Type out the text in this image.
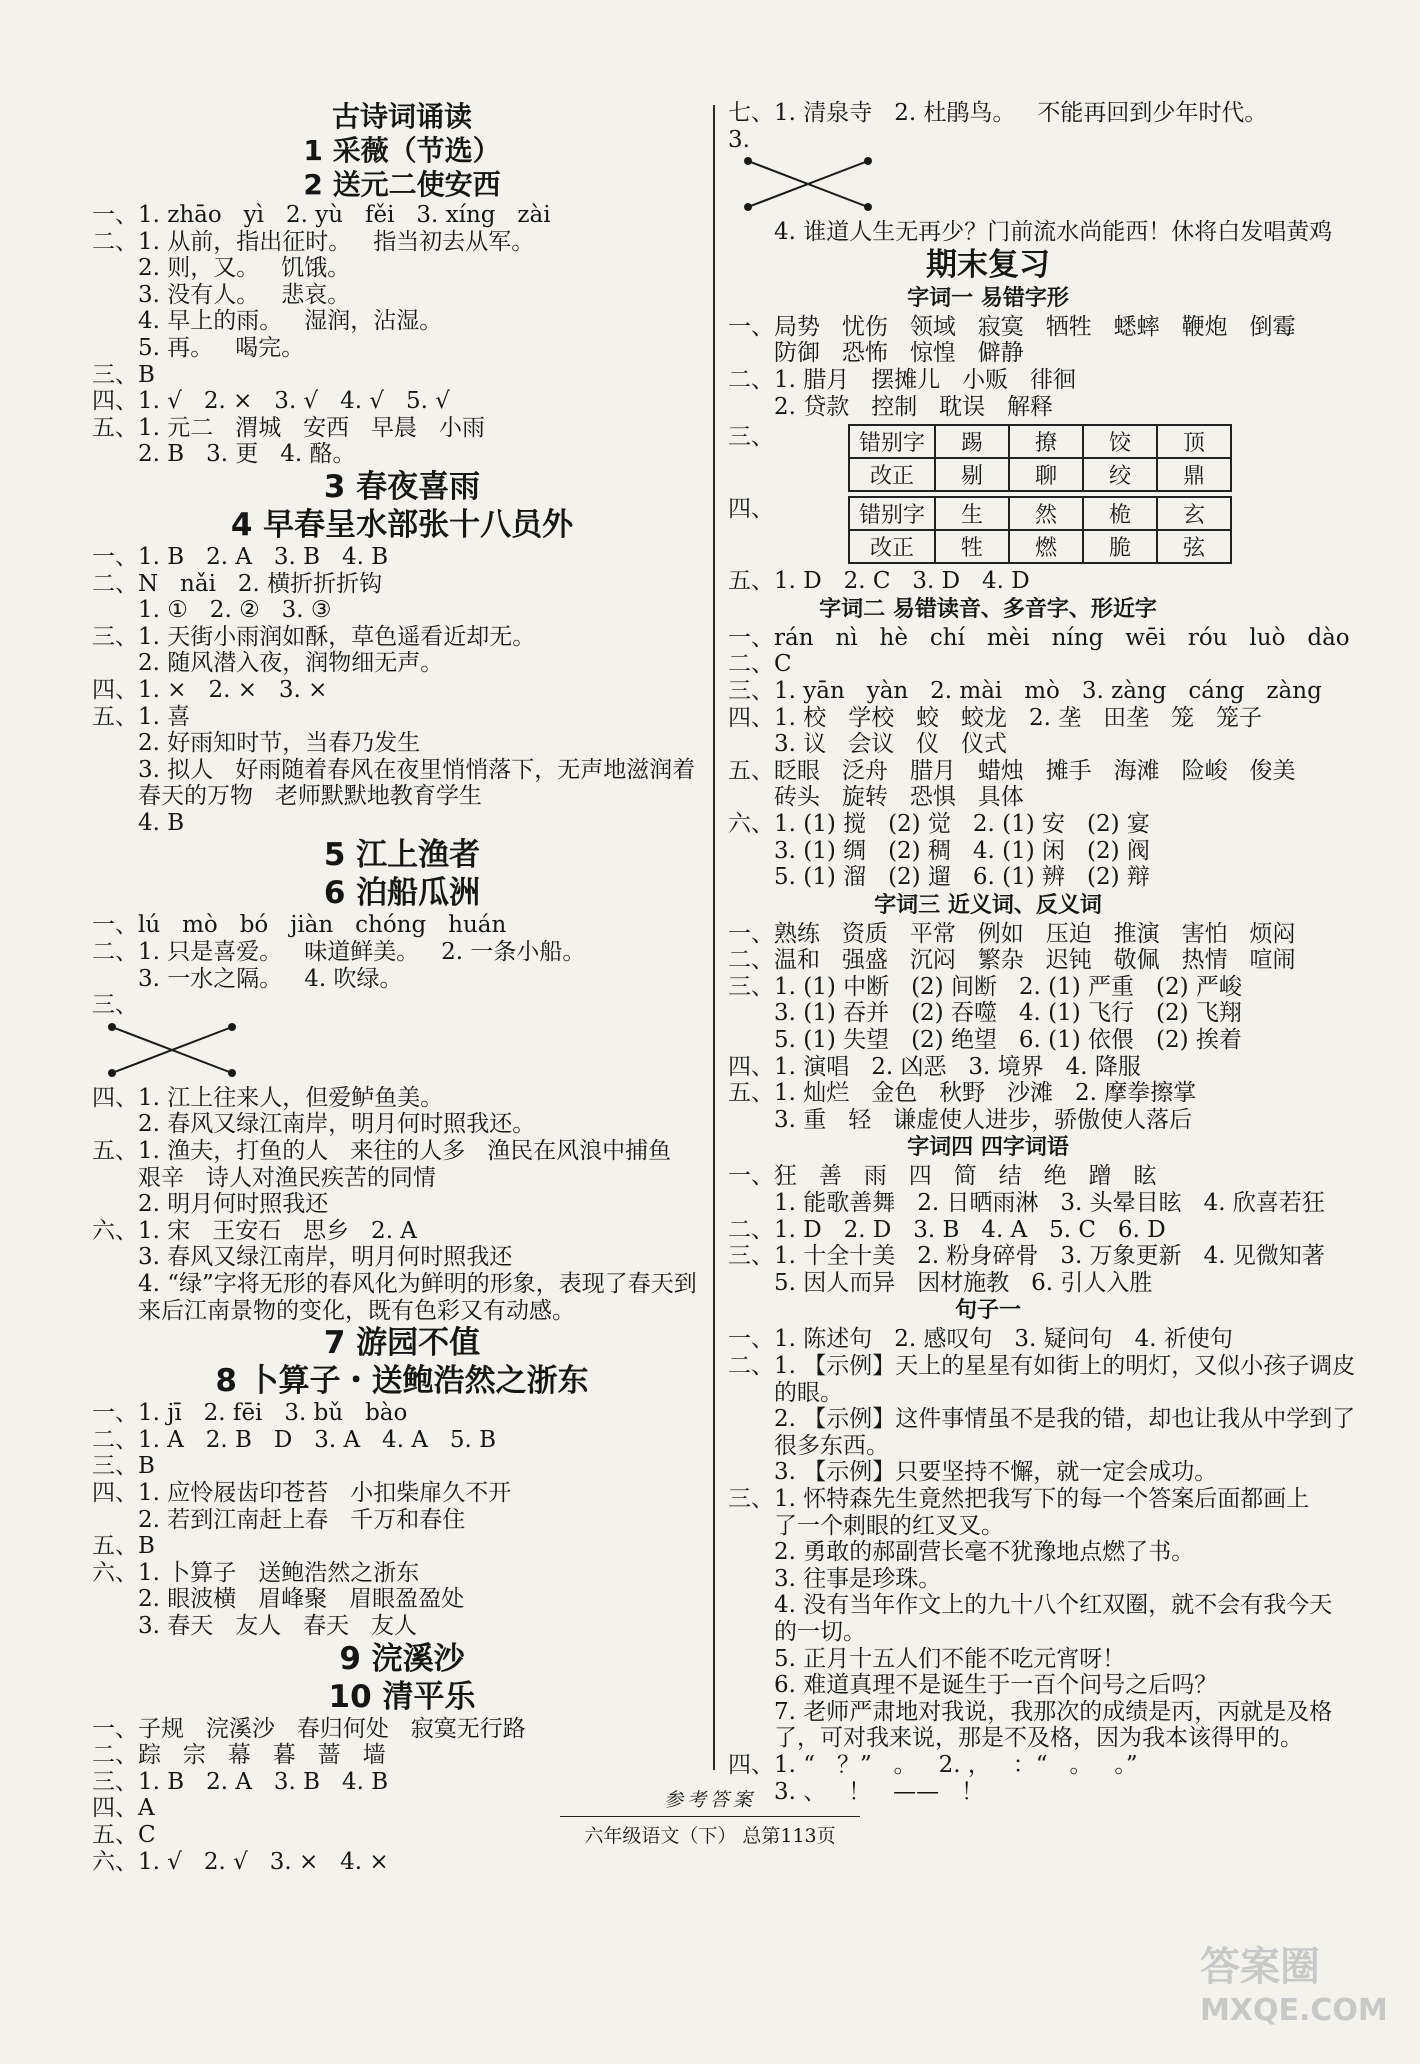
古诗词诵读
1 采薇（节选）
2 送元二使安西
一、1. zhāo   yì   2. yù   fěi   3. xíng   zài
二、1. 从前，指出征时。   指当初去从军。
2. 则，又。   饥饿。
3. 没有人。   悲哀。
4. 早上的雨。   湿润，沾湿。
5. 再。   喝完。
三、B
四、1. √   2. ×   3. √   4. √   5. √
五、1. 元二   渭城   安西   早晨   小雨
2. B   3. 更   4. 酪。
3 春夜喜雨
4 早春呈水部张十八员外
一、1. B   2. A   3. B   4. B
二、N   nǎi   2. 横折折折钩
1. ①   2. ②   3. ③
三、1. 天街小雨润如酥，草色遥看近却无。
2. 随风潜入夜，润物细无声。
四、1. ×   2. ×   3. ×
五、1. 喜
2. 好雨知时节，当春乃发生
3. 拟人   好雨随着春风在夜里悄悄落下，无声地滋润着
春天的万物   老师默默地教育学生
4. B
5 江上渔者
6 泊船瓜洲
一、lú   mò   bó   jiàn   chóng   huán
二、1. 只是喜爱。   味道鲜美。   2. 一条小船。
3. 一水之隔。   4. 吹绿。
三、
四、1. 江上往来人，但爱鲈鱼美。
2. 春风又绿江南岸，明月何时照我还。
五、1. 渔夫，打鱼的人   来往的人多   渔民在风浪中捕鱼
艰辛   诗人对渔民疾苦的同情
2. 明月何时照我还
六、1. 宋   王安石   思乡   2. A
3. 春风又绿江南岸，明月何时照我还
4. “绿”字将无形的春风化为鲜明的形象，表现了春天到
来后江南景物的变化，既有色彩又有动感。
7 游园不值
8 卜算子・送鲍浩然之浙东
一、1. jī   2. fēi   3. bǔ   bào
二、1. A   2. B   D   3. A   4. A   5. B
三、B
四、1. 应怜屐齿印苍苔   小扣柴扉久不开
2. 若到江南赶上春   千万和春住
五、B
六、1. 卜算子   送鲍浩然之浙东
2. 眼波横   眉峰聚   眉眼盈盈处
3. 春天   友人   春天   友人
9 浣溪沙
10 清平乐
一、子规   浣溪沙   春归何处   寂寞无行路
二、踪   宗   幕   暮   蔷   墙
三、1. B   2. A   3. B   4. B
四、A
五、C
六、1. √   2. √   3. ×   4. ×
七、1. 清泉寺   2. 杜鹃鸟。   不能再回到少年时代。
3.
4. 谁道人生无再少？门前流水尚能西！休将白发唱黄鸡
期末复习
字词一 易错字形
一、局势   忧伤   领域   寂寞   牺牲   蟋蟀   鞭炮   倒霉
防御   恐怖   惊惶   僻静
二、1. 腊月   摆摊儿   小贩   徘徊
2. 贷款   控制   耽误   解释
三、	错别字	踢	撩	饺	顶
改正	剔	聊	绞	鼎
四、	错别字	生	然	桅	玄
改正	牲	燃	脆	弦
五、1. D   2. C   3. D   4. D
字词二 易错读音、多音字、形近字
一、rán   nì   hè   chí   mèi   níng   wēi   róu   luò   dào
二、C
三、1. yān   yàn   2. mài   mò   3. zàng   cáng   zàng
四、1. 校   学校   蛟   蛟龙   2. 垄   田垄   笼   笼子
3. 议   会议   仪   仪式
五、眨眼   泛舟   腊月   蜡烛   摊手   海滩   险峻   俊美
砖头   旋转   恐惧   具体
六、1. (1) 搅   (2) 觉   2. (1) 安   (2) 宴
3. (1) 绸   (2) 稠   4. (1) 闲   (2) 阀
5. (1) 溜   (2) 遛   6. (1) 辨   (2) 辩
字词三 近义词、反义词
一、熟练   资质   平常   例如   压迫   推演   害怕   烦闷
二、温和   强盛   沉闷   繁杂   迟钝   敬佩   热情   喧闹
三、1. (1) 中断   (2) 间断   2. (1) 严重   (2) 严峻
3. (1) 吞并   (2) 吞噬   4. (1) 飞行   (2) 飞翔
5. (1) 失望   (2) 绝望   6. (1) 依偎   (2) 挨着
四、1. 演唱   2. 凶恶   3. 境界   4. 降服
五、1. 灿烂   金色   秋野   沙滩   2. 摩拳擦掌
3. 重   轻   谦虚使人进步，骄傲使人落后
字词四 四字词语
一、狂   善   雨   四   简   结   绝   蹭   眩
1. 能歌善舞   2. 日晒雨淋   3. 头晕目眩   4. 欣喜若狂
二、1. D   2. D   3. B   4. A   5. C   6. D
三、1. 十全十美   2. 粉身碎骨   3. 万象更新   4. 见微知著
5. 因人而异   因材施教   6. 引人入胜
句子一
一、1. 陈述句   2. 感叹句   3. 疑问句   4. 祈使句
二、1. 【示例】天上的星星有如街上的明灯，又似小孩子调皮
的眼。
2. 【示例】这件事情虽不是我的错，却也让我从中学到了
很多东西。
3. 【示例】只要坚持不懈，就一定会成功。
三、1. 怀特森先生竟然把我写下的每一个答案后面都画上
了一个刺眼的红叉叉。
2. 勇敢的郝副营长毫不犹豫地点燃了书。
3. 往事是珍珠。
4. 没有当年作文上的九十八个红双圈，就不会有我今天
的一切。
5. 正月十五人们不能不吃元宵呀！
6. 难道真理不是诞生于一百个问号之后吗？
7. 老师严肃地对我说，我那次的成绩是丙，丙就是及格
了，可对我来说，那是不及格，因为我本该得甲的。
四、1. “   ？”   。   2. ，   ：“   。   。”
3. 、   ！   ——   ！
参考答案
六年级语文（下） 总第113页
答案圈
MXQE.COM
